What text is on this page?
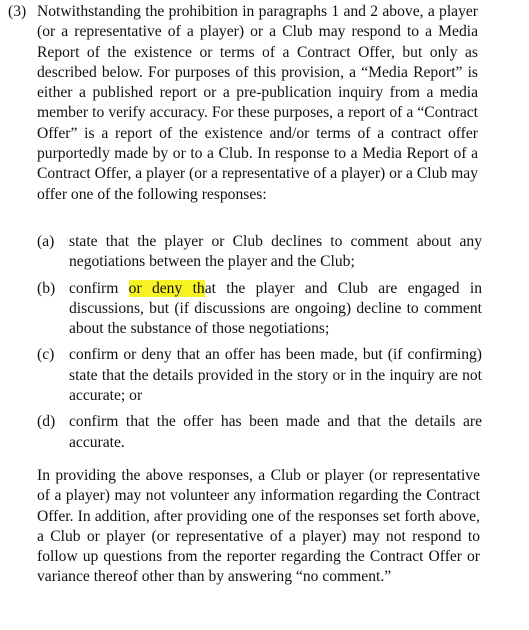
(3) Notwithstanding the prohibition in paragraphs 1 and 2 above, a player (or a representative of a player) or a Club may respond to a Media Report of the existence or terms of a Contract Offer, but only as described below. For purposes of this provision, a “Media Report” is either a published report or a pre-publication inquiry from a media member to verify accuracy. For these purposes, a report of a “Contract Offer” is a report of the existence and/or terms of a contract offer purportedly made by or to a Club. In response to a Media Report of a Contract Offer, a player (or a representative of a player) or a Club may offer one of the following responses:
(a) state that the player or Club declines to comment about any negotiations between the player and the Club;
(b) confirm or deny that the player and Club are engaged in discussions, but (if discussions are ongoing) decline to comment about the substance of those negotiations;
(c) confirm or deny that an offer has been made, but (if confirming) state that the details provided in the story or in the inquiry are not accurate; or
(d) confirm that the offer has been made and that the details are accurate.
In providing the above responses, a Club or player (or representative of a player) may not volunteer any information regarding the Contract Offer. In addition, after providing one of the responses set forth above, a Club or player (or representative of a player) may not respond to follow up questions from the reporter regarding the Contract Offer or variance thereof other than by answering “no comment.”
